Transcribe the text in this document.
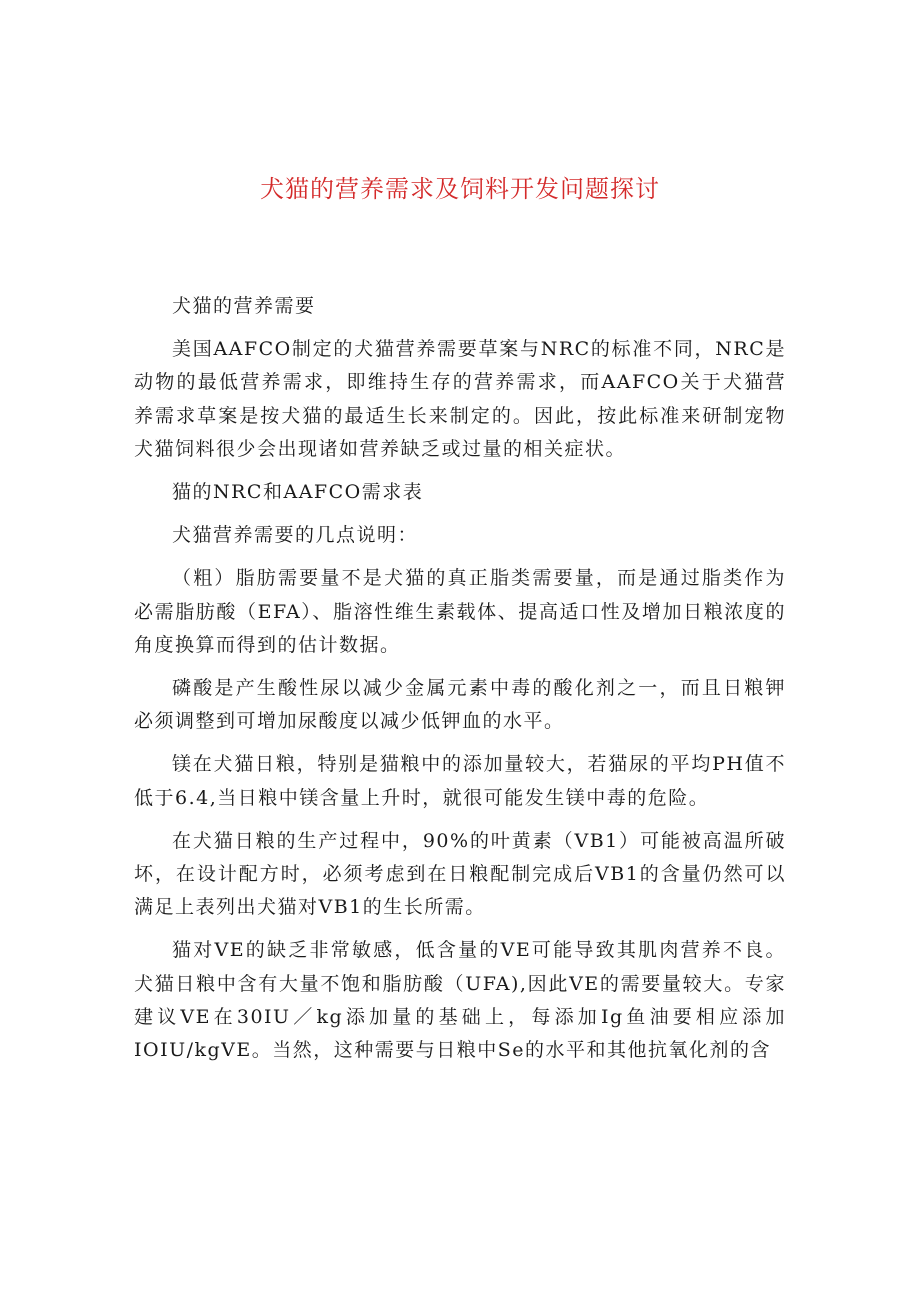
犬猫的营养需求及饲料开发问题探讨

犬猫的营养需要

美国AAFCO制定的犬猫营养需要草案与NRC的标准不同，NRC是动物的最低营养需求，即维持生存的营养需求，而AAFCO关于犬猫营养需求草案是按犬猫的最适生长来制定的。因此，按此标准来研制宠物犬猫饲料很少会出现诸如营养缺乏或过量的相关症状。

猫的NRC和AAFCO需求表

犬猫营养需要的几点说明：

（粗）脂肪需要量不是犬猫的真正脂类需要量，而是通过脂类作为必需脂肪酸（EFA）、脂溶性维生素载体、提高适口性及增加日粮浓度的角度换算而得到的估计数据。

磷酸是产生酸性尿以减少金属元素中毒的酸化剂之一，而且日粮钾必须调整到可增加尿酸度以减少低钾血的水平。

镁在犬猫日粮，特别是猫粮中的添加量较大，若猫尿的平均PH值不低于6.4,当日粮中镁含量上升时，就很可能发生镁中毒的危险。

在犬猫日粮的生产过程中，90%的叶黄素（VB1）可能被高温所破坏，在设计配方时，必须考虑到在日粮配制完成后VB1的含量仍然可以满足上表列出犬猫对VB1的生长所需。

猫对VE的缺乏非常敏感，低含量的VE可能导致其肌肉营养不良。犬猫日粮中含有大量不饱和脂肪酸（UFA),因此VE的需要量较大。专家建议VE在30IU／kg添加量的基础上，每添加Ig鱼油要相应添加IOIU/kgVE。当然，这种需要与日粮中Se的水平和其他抗氧化剂的含
